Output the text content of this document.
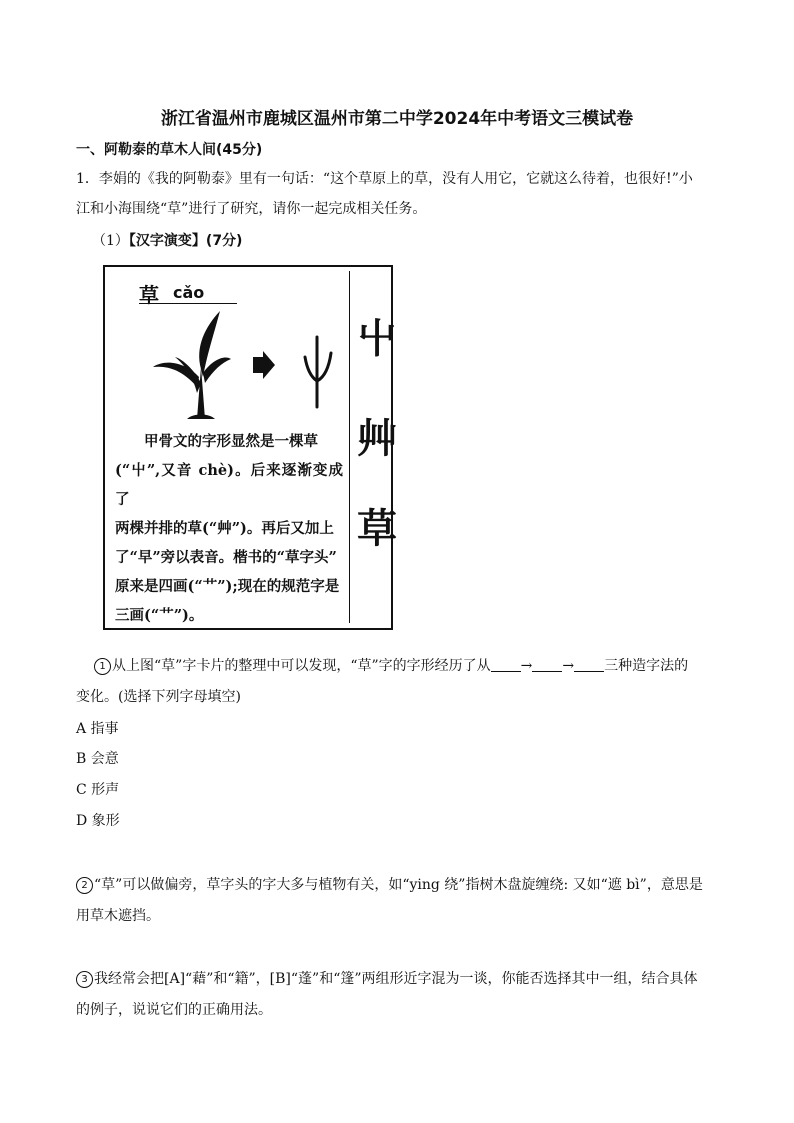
浙江省温州市鹿城区温州市第二中学2024年中考语文三模试卷
一、阿勒泰的草木人间(45分)
1．李娟的《我的阿勒泰》里有一句话：“这个草原上的草，没有人用它，它就这么待着，也很好!”小
江和小海围绕“草”进行了研究，请你一起完成相关任务。
（1）【汉字演变】(7分)
草 cǎo
甲骨文的字形显然是一棵草
(“屮”,又音 chè)。后来逐渐变成了
两棵并排的草(“艸”)。再后又加上
了“早”旁以表音。楷书的“草字头”
原来是四画(“艹”);现在的规范字是
三画(“艹”)。
屮
艸
草
1 从上图“草”字卡片的整理中可以发现，“草”字的字形经历了从 → → 三种造字法的
变化。(选择下列字母填空)
A 指事
B 会意
C 形声
D 象形
2 “草”可以做偏旁，草字头的字大多与植物有关，如“ying 绕”指树木盘旋缠绕: 又如“遮 bì”，意思是
用草木遮挡。
3 我经常会把[A]“藉”和“籍”，[B]“蓬”和“篷”两组形近字混为一谈，你能否选择其中一组，结合具体
的例子，说说它们的正确用法。
